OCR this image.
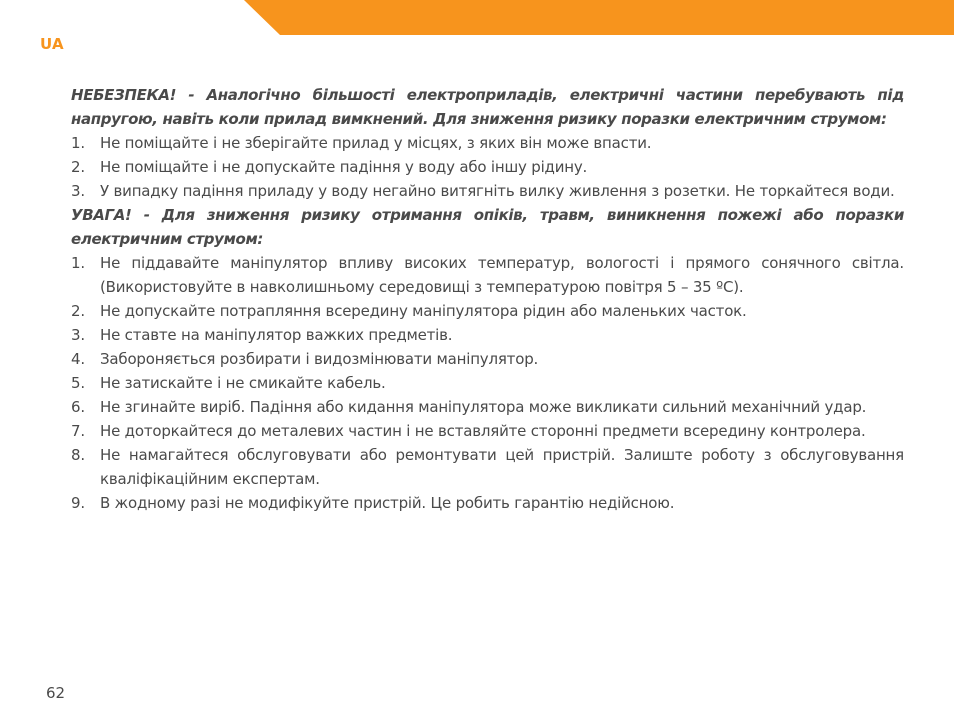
UA
НЕБЕЗПЕКА! - Аналогічно більшості електроприладів, електричні частини перебувають під напругою, навіть коли прилад вимкнений. Для зниження ризику поразки електричним струмом:
1.	Не поміщайте і не зберігайте прилад у місцях, з яких він може впасти.
2.	Не поміщайте і не допускайте падіння у воду або іншу рідину.
3.	У випадку падіння приладу у воду негайно витягніть вилку живлення з розетки. Не торкайтеся води.
УВАГА! - Для зниження ризику отримання опіків, травм, виникнення пожежі або поразки електричним струмом:
1.	Не піддавайте маніпулятор впливу високих температур, вологості і прямого сонячного світла. (Використовуйте в навколишньому середовищі з температурою повітря 5 – 35 ºC).
2.	Не допускайте потрапляння всередину маніпулятора рідин або маленьких часток.
3.	Не ставте на маніпулятор важких предметів.
4.	Забороняється розбирати і видозмінювати маніпулятор.
5.	Не затискайте і не смикайте кабель.
6.	Не згинайте виріб. Падіння або кидання маніпулятора може викликати сильний механічний удар.
7.	Не доторкайтеся до металевих частин і не вставляйте сторонні предмети всередину контролера.
8.	Не намагайтеся обслуговувати або ремонтувати цей пристрій. Залиште роботу з обслуговування кваліфікаційним експертам.
9.	В жодному разі не модифікуйте пристрій. Це робить гарантію недійсною.
62
